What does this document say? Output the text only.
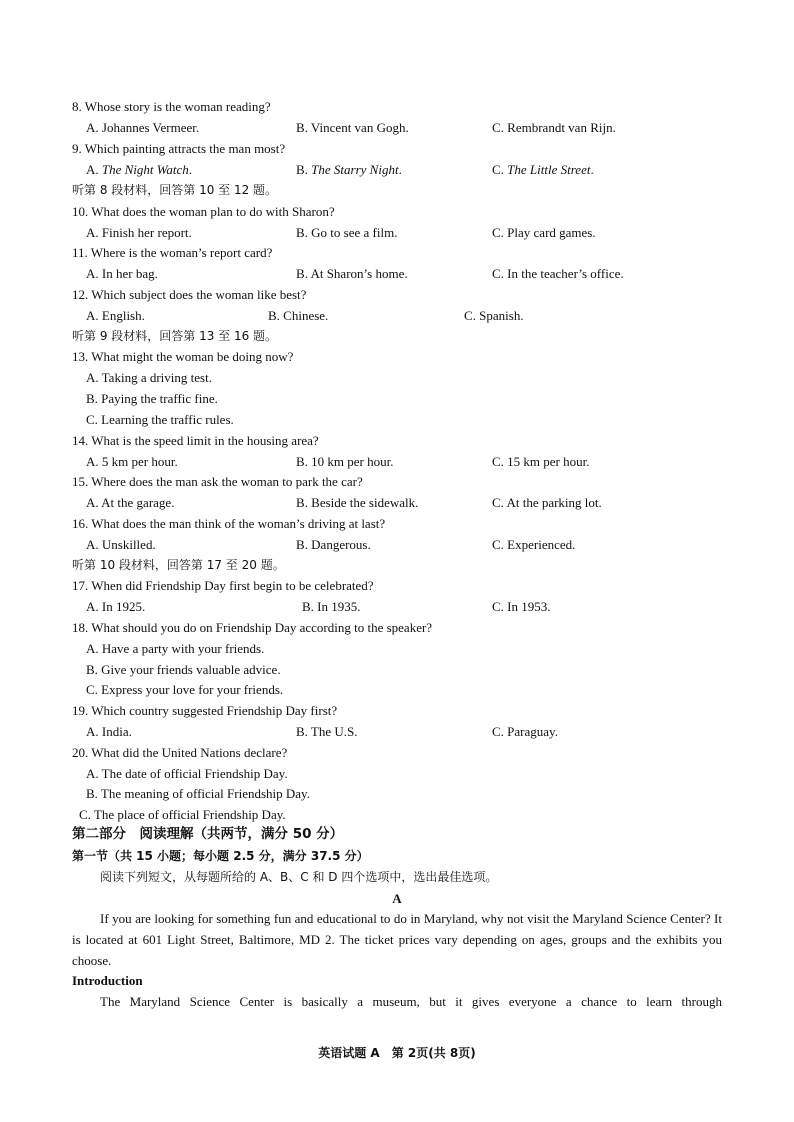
8. Whose story is the woman reading?
A. Johannes Vermeer.	B. Vincent van Gogh.	C. Rembrandt van Rijn.
9. Which painting attracts the man most?
A. The Night Watch.	B. The Starry Night.	C. The Little Street.
听第 8 段材料，回答第 10 至 12 题。
10. What does the woman plan to do with Sharon?
A. Finish her report.	B. Go to see a film.	C. Play card games.
11. Where is the woman’s report card?
A. In her bag.	B. At Sharon’s home.	C. In the teacher’s office.
12. Which subject does the woman like best?
A. English.	B. Chinese.	C. Spanish.
听第 9 段材料，回答第 13 至 16 题。
13. What might the woman be doing now?
A. Taking a driving test.
B. Paying the traffic fine.
C. Learning the traffic rules.
14. What is the speed limit in the housing area?
A. 5 km per hour.	B. 10 km per hour.	C. 15 km per hour.
15. Where does the man ask the woman to park the car?
A. At the garage.	B. Beside the sidewalk.	C. At the parking lot.
16. What does the man think of the woman’s driving at last?
A. Unskilled.	B. Dangerous.	C. Experienced.
听第 10 段材料，回答第 17 至 20 题。
17. When did Friendship Day first begin to be celebrated?
A. In 1925.	B. In 1935.	C. In 1953.
18. What should you do on Friendship Day according to the speaker?
A. Have a party with your friends.
B. Give your friends valuable advice.
C. Express your love for your friends.
19. Which country suggested Friendship Day first?
A. India.	B. The U.S.	C. Paraguay.
20. What did the United Nations declare?
A. The date of official Friendship Day.
B. The meaning of official Friendship Day.
C. The place of official Friendship Day.
第二部分　阅读理解（共两节，满分 50 分）
第一节（共 15 小题；每小题 2.5 分，满分 37.5 分）
阅读下列短文，从每题所给的 A、B、C 和 D 四个选项中，选出最佳选项。
A
If you are looking for something fun and educational to do in Maryland, why not visit the Maryland Science Center? It is located at 601 Light Street, Baltimore, MD 2. The ticket prices vary depending on ages, groups and the exhibits you choose.
Introduction
The Maryland Science Center is basically a museum, but it gives everyone a chance to learn through
英语试题 A　第 2页(共 8页)
